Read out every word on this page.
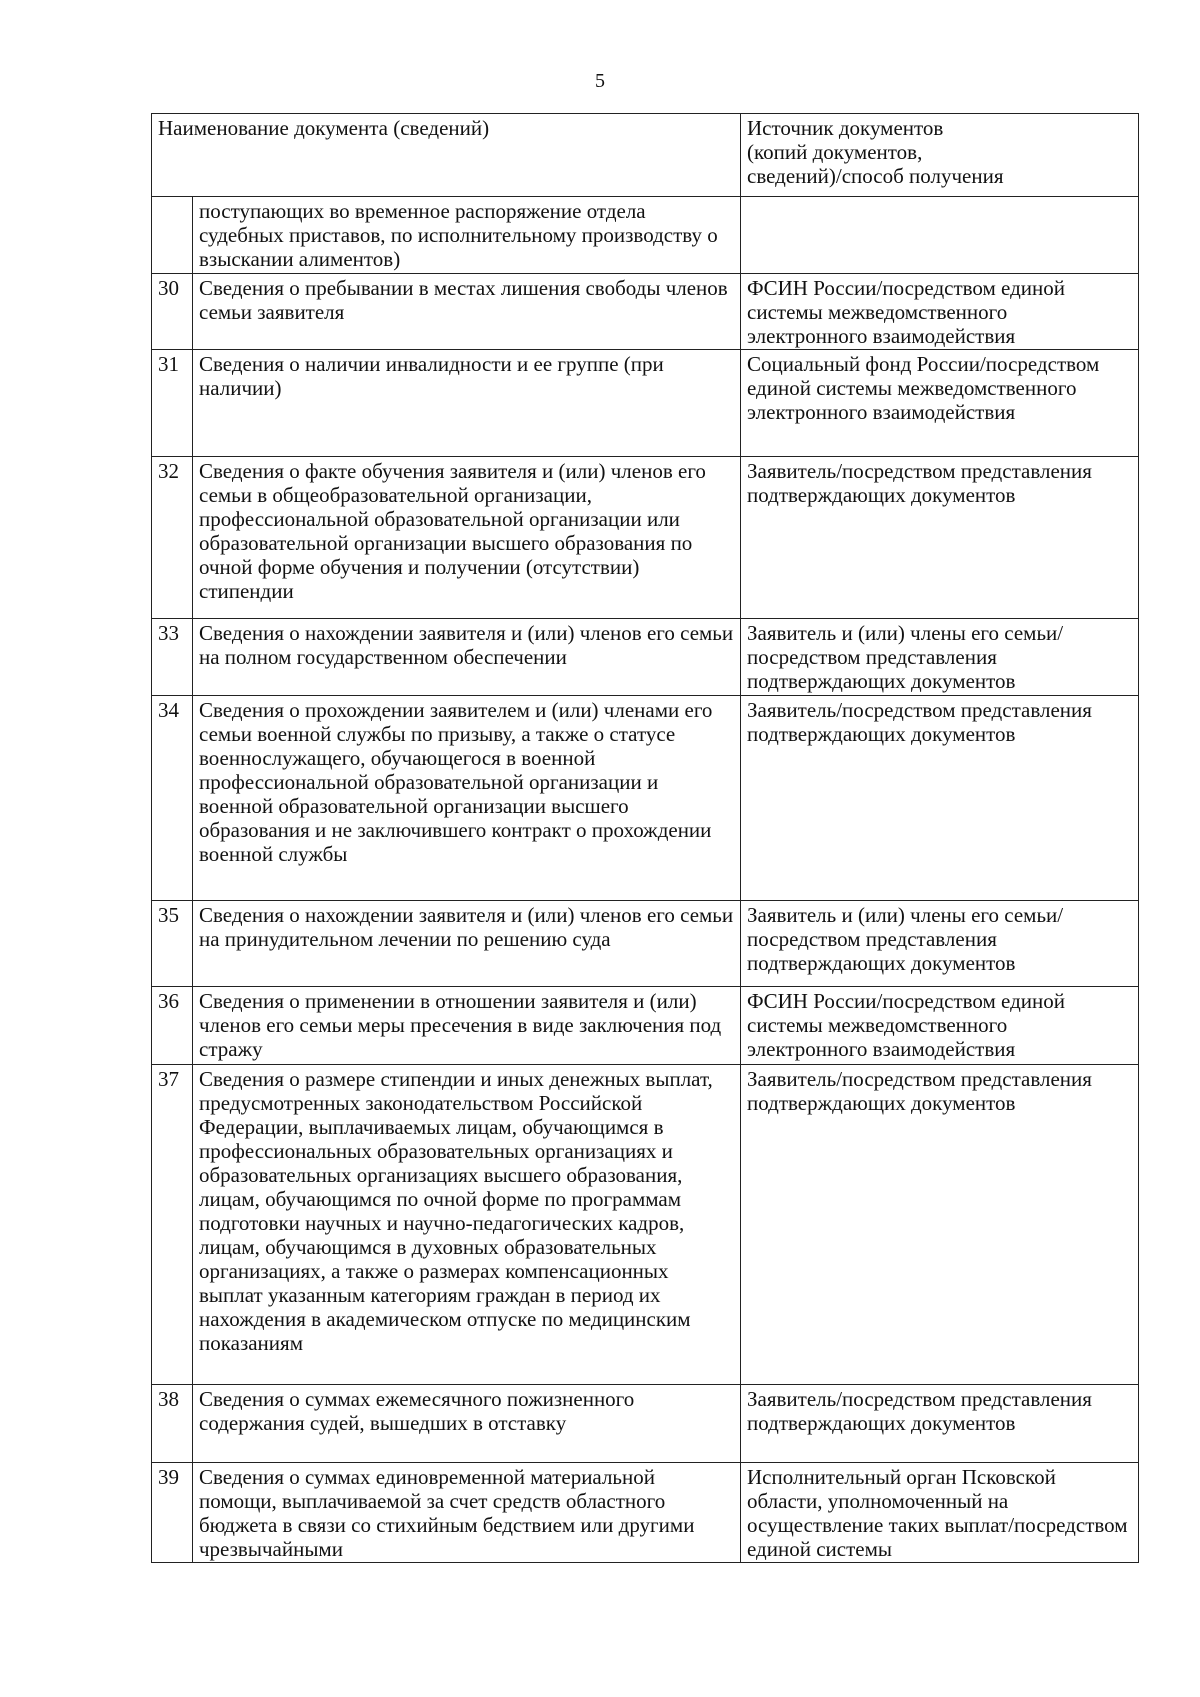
5
Наименование документа (сведений)		Источник документов
(копий документов,
сведений)/способ получения

	поступающих во временное распоряжение отдела судебных приставов, по исполнительному производству о взыскании алиментов)	
30	Сведения о пребывании в местах лишения свободы членов семьи заявителя	ФСИН России/посредством единой системы межведомственного электронного взаимодействия
31	Сведения о наличии инвалидности и ее группе (при наличии)	Социальный фонд России/посредством единой системы межведомственного электронного взаимодействия
32	Сведения о факте обучения заявителя и (или) членов его семьи в общеобразовательной организации, профессиональной образовательной организации или образовательной организации высшего образования по очной форме обучения и получении (отсутствии) стипендии	Заявитель/посредством представления подтверждающих документов
33	Сведения о нахождении заявителя и (или) членов его семьи на полном государственном обеспечении	Заявитель и (или) члены его семьи/посредством представления подтверждающих документов
34	Сведения о прохождении заявителем и (или) членами его семьи военной службы по призыву, а также о статусе военнослужащего, обучающегося в военной профессиональной образовательной организации и военной образовательной организации высшего образования и не заключившего контракт о прохождении военной службы	Заявитель/посредством представления подтверждающих документов
35	Сведения о нахождении заявителя и (или) членов его семьи на принудительном лечении по решению суда	Заявитель и (или) члены его семьи/посредством представления подтверждающих документов
36	Сведения о применении в отношении заявителя и (или) членов его семьи меры пресечения в виде заключения под стражу	ФСИН России/посредством единой системы межведомственного электронного взаимодействия
37	Сведения о размере стипендии и иных денежных выплат, предусмотренных законодательством Российской Федерации, выплачиваемых лицам, обучающимся в профессиональных образовательных организациях и образовательных организациях высшего образования, лицам, обучающимся по очной форме по программам подготовки научных и научно-педагогических кадров, лицам, обучающимся в духовных образовательных организациях, а также о размерах компенсационных выплат указанным категориям граждан в период их нахождения в академическом отпуске по медицинским показаниям	Заявитель/посредством представления подтверждающих документов
38	Сведения о суммах ежемесячного пожизненного содержания судей, вышедших в отставку	Заявитель/посредством представления подтверждающих документов
39	Сведения о суммах единовременной материальной помощи, выплачиваемой за счет средств областного бюджета в связи со стихийным бедствием или другими чрезвычайными	Исполнительный орган Псковской области, уполномоченный на осуществление таких выплат/посредством единой системы
